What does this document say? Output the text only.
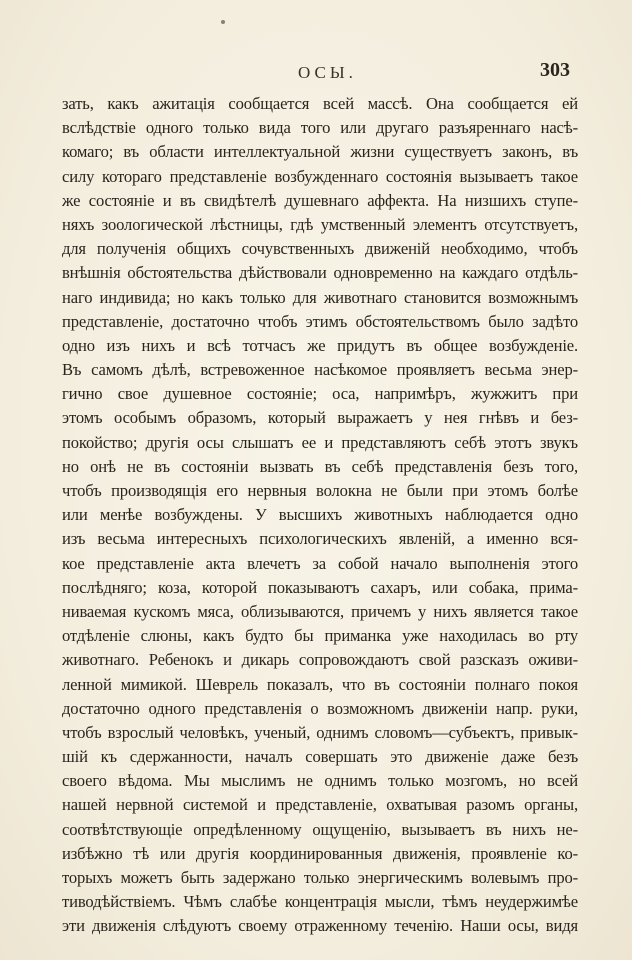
ОСЫ.	303
зать, какъ ажитація сообщается всей массѣ. Она сообщается ей
вслѣдствіе одного только вида того или другаго разъяреннаго насѣ-
комаго; въ области интеллектуальной жизни существуетъ законъ, въ
силу котораго представленіе возбужденнаго состоянія вызываетъ такое
же состояніе и въ свидѣтелѣ душевнаго аффекта. На низшихъ ступе-
няхъ зоологической лѣстницы, гдѣ умственный элементъ отсутствуетъ,
для полученія общихъ сочувственныхъ движеній необходимо, чтобъ
внѣшнія обстоятельства дѣйствовали одновременно на каждаго отдѣль-
наго индивида; но какъ только для животнаго становится возможнымъ
представленіе, достаточно чтобъ этимъ обстоятельствомъ было задѣто
одно изъ нихъ и всѣ тотчасъ же придутъ въ общее возбужденіе.
Въ самомъ дѣлѣ, встревоженное насѣкомое проявляетъ весьма энер-
гично свое душевное состояніе; оса, напримѣръ, жужжитъ при
этомъ особымъ образомъ, который выражаетъ у нея гнѣвъ и без-
покойство; другія осы слышатъ ее и представляютъ себѣ этотъ звукъ
но онѣ не въ состояніи вызвать въ себѣ представленія безъ того,
чтобъ производящія его нервныя волокна не были при этомъ болѣе
или менѣе возбуждены. У высшихъ животныхъ наблюдается одно
изъ весьма интересныхъ психологическихъ явленій, а именно вся-
кое представленіе акта влечетъ за собой начало выполненія этого
послѣдняго; коза, которой показываютъ сахаръ, или собака, прима-
ниваемая кускомъ мяса, облизываются, причемъ у нихъ является такое
отдѣленіе слюны, какъ будто бы приманка уже находилась во рту
животнаго. Ребенокъ и дикарь сопровождаютъ свой разсказъ оживи-
ленной мимикой. Шеврель показалъ, что въ состояніи полнаго покоя
достаточно одного представленія о возможномъ движеніи напр. руки,
чтобъ взрослый человѣкъ, ученый, однимъ словомъ—субъектъ, привык-
шій къ сдержанности, началъ совершать это движеніе даже безъ
своего вѣдома. Мы мыслимъ не однимъ только мозгомъ, но всей
нашей нервной системой и представленіе, охватывая разомъ органы,
соотвѣтствующіе опредѣленному ощущенію, вызываетъ въ нихъ не-
избѣжно тѣ или другія координированныя движенія, проявленіе ко-
торыхъ можетъ быть задержано только энергическимъ волевымъ про-
тиводѣйствіемъ. Чѣмъ слабѣе концентрація мысли, тѣмъ неудержимѣе
эти движенія слѣдуютъ своему отраженному теченію. Наши осы, видя
